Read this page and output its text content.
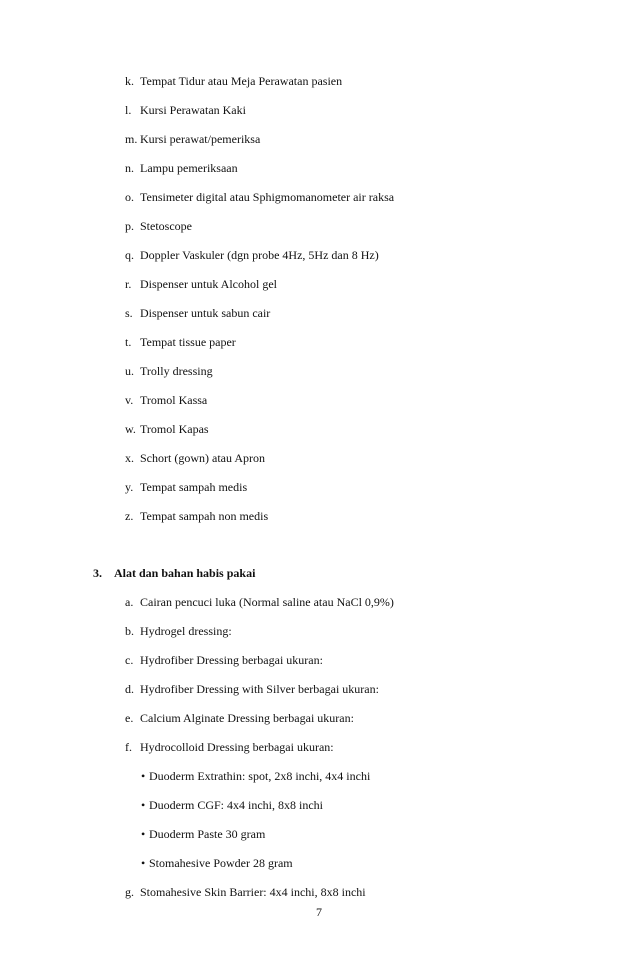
k. Tempat Tidur atau Meja Perawatan pasien
l. Kursi Perawatan Kaki
m. Kursi perawat/pemeriksa
n. Lampu pemeriksaan
o. Tensimeter digital atau Sphigmomanometer air raksa
p. Stetoscope
q. Doppler Vaskuler (dgn probe 4Hz, 5Hz dan 8 Hz)
r. Dispenser untuk Alcohol gel
s. Dispenser untuk sabun cair
t. Tempat tissue paper
u. Trolly dressing
v. Tromol Kassa
w. Tromol Kapas
x. Schort (gown) atau Apron
y. Tempat sampah medis
z. Tempat sampah non medis
3. Alat dan bahan habis pakai
a. Cairan pencuci luka (Normal saline atau NaCl 0,9%)
b. Hydrogel dressing:
c. Hydrofiber Dressing berbagai ukuran:
d. Hydrofiber Dressing with Silver berbagai ukuran:
e. Calcium Alginate Dressing berbagai ukuran:
f. Hydrocolloid Dressing berbagai ukuran:
• Duoderm Extrathin: spot, 2x8 inchi, 4x4 inchi
• Duoderm CGF: 4x4 inchi, 8x8 inchi
• Duoderm Paste 30 gram
• Stomahesive Powder 28 gram
g. Stomahesive Skin Barrier: 4x4 inchi, 8x8 inchi
7
